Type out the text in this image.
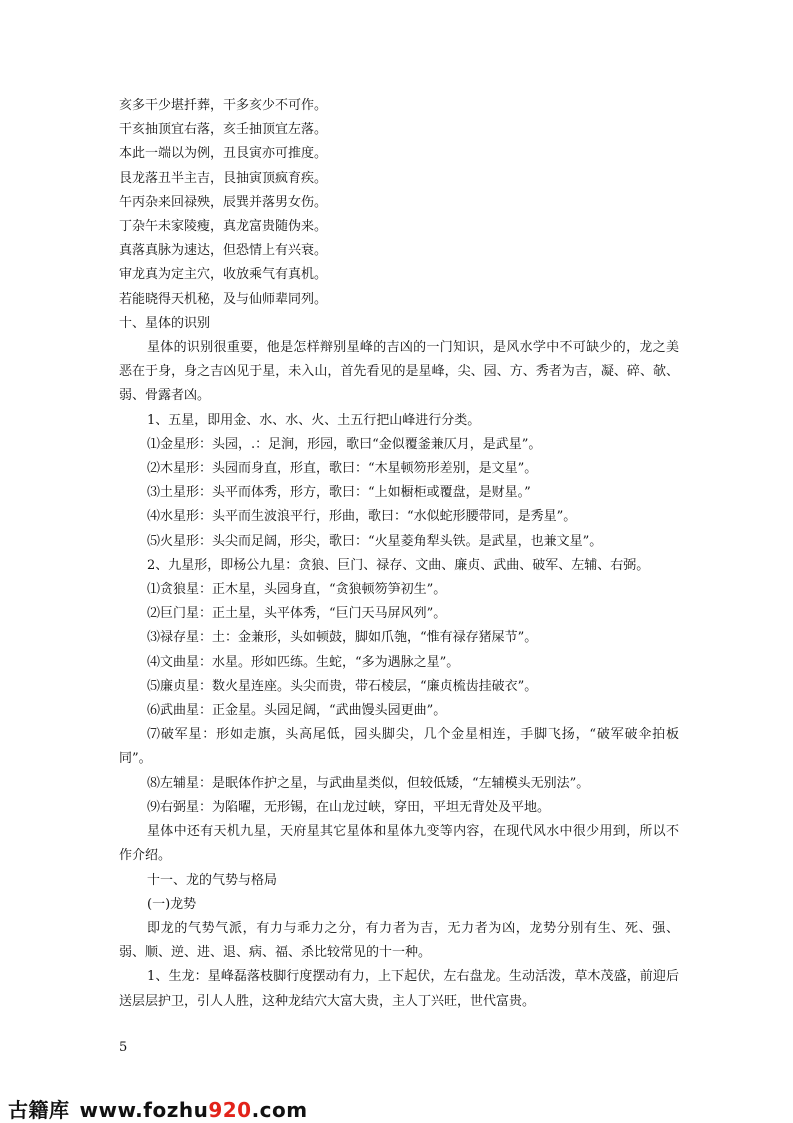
亥多干少堪扦葬，干多亥少不可作。
干亥抽顶宜右落，亥壬抽顶宜左落。
本此一端以为例，丑艮寅亦可推度。
艮龙落丑半主吉，艮抽寅顶疯育疾。
午丙杂来回禄殃，辰巽并落男女伤。
丁杂午未家陵瘦，真龙富贵随伪来。
真落真脉为速达，但恐情上有兴衰。
审龙真为定主穴，收放乘气有真机。
若能晓得天机秘，及与仙师辈同列。
十、星体的识别
星体的识别很重要，他是怎样辩别星峰的吉凶的一门知识，是风水学中不可缺少的，龙之美恶在于身，身之吉凶见于星，未入山，首先看见的是星峰，尖、园、方、秀者为吉，凝、碎、欹、弱、骨露者凶。
1、五星，即用金、水、水、火、土五行把山峰进行分类。
⑴金星形：头园，.：足涧，形园，歌曰“金似覆釜兼仄月，是武星”。
⑵木星形：头园而身直，形直，歌曰：“木星顿笏形差别，是文星”。
⑶土星形：头平而体秀，形方，歌曰：“上如橱柜或覆盘，是财星。”
⑷水星形：头平而生波浪平行，形曲，歌曰：“水似蛇形腰带同，是秀星”。
⑸火星形：头尖而足阔，形尖，歌曰：“火星菱角犁头铁。是武星，也兼文星”。
2、九星形，即杨公九星：贪狼、巨门、禄存、文曲、廉贞、武曲、破军、左辅、右弼。
⑴贪狼星：正木星，头园身直，“贪狼顿笏笋初生”。
⑵巨门星：正土星，头平体秀，“巨门天马屏风列”。
⑶禄存星：土：金兼形，头如顿鼓，脚如爪匏，“惟有禄存猪屎节”。
⑷文曲星：水星。形如匹练。生蛇，“多为遇脉之星”。
⑸廉贞星：数火星连座。头尖而贵，带石棱层，“廉贞梳齿挂破衣”。
⑹武曲星：正金星。头园足阔，“武曲馒头园更曲”。
⑺破军星：形如走旗，头高尾低，园头脚尖，几个金星相连，手脚飞扬，“破军破伞拍板同”。
⑻左辅星：是眠体作护之星，与武曲星类似，但较低矮，“左辅模头无别法”。
⑼右弼星：为陷曜，无形锡，在山龙过峡，穿田，平坦无背处及平地。
星体中还有天机九星，天府星其它星体和星体九变等内容，在现代风水中很少用到，所以不作介绍。
十一、龙的气势与格局
(一)龙势
即龙的气势气派，有力与乖力之分，有力者为吉，无力者为凶，龙势分别有生、死、强、弱、顺、逆、进、退、病、福、杀比较常见的十一种。
1、生龙：星峰磊落枝脚行度摆动有力，上下起伏，左右盘龙。生动活泼，草木茂盛，前迎后送层层护卫，引人人胜，这种龙结穴大富大贵，主人丁兴旺，世代富贵。
5
古籍库 www.fozhu920.com
